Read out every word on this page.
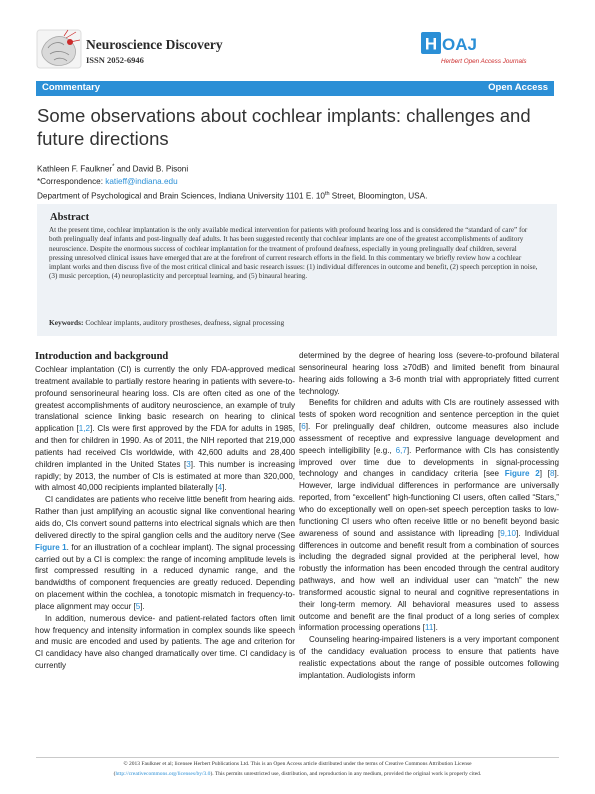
Neuroscience Discovery
ISSN 2052-6946
H OAJ
Herbert Open Access Journals
Commentary	Open Access
Some observations about cochlear implants: challenges and future directions
Kathleen F. Faulkner* and David B. Pisoni
*Correspondence: katieff@indiana.edu
Department of Psychological and Brain Sciences, Indiana University 1101 E. 10th Street, Bloomington, USA.
Abstract
At the present time, cochlear implantation is the only available medical intervention for patients with profound hearing loss and is considered the “standard of care” for both prelingually deaf infants and post-lingually deaf adults. It has been suggested recently that cochlear implants are one of the greatest accomplishments of auditory neuroscience. Despite the enormous success of cochlear implantation for the treatment of profound deafness, especially in young prelingually deaf children, several pressing unresolved clinical issues have emerged that are at the forefront of current research efforts in the field. In this commentary we briefly review how a cochlear implant works and then discuss five of the most critical clinical and basic research issues: (1) individual differences in outcome and benefit, (2) speech perception in noise, (3) music perception, (4) neuroplasticity and perceptual learning, and (5) binaural hearing.
Keywords: Cochlear implants, auditory prostheses, deafness, signal processing
Introduction and background

Cochlear implantation (CI) is currently the only FDA-approved medical treatment available to partially restore hearing in patients with severe-to-profound sensorineural hearing loss. CIs are often cited as one of the greatest accomplishments of auditory neuroscience, an example of truly translational science linking basic research on hearing to clinical application [1,2]. CIs were first approved by the FDA for adults in 1985, and then for children in 1990. As of 2011, the NIH reported that 219,000 patients had received CIs worldwide, with 42,600 adults and 28,400 children implanted in the United States [3]. This number is increasing rapidly; by 2013, the number of CIs is estimated at more than 320,000, with almost 40,000 recipients implanted bilaterally [4].

CI candidates are patients who receive little benefit from hearing aids. Rather than just amplifying an acoustic signal like conventional hearing aids do, CIs convert sound patterns into electrical signals which are then delivered directly to the spiral ganglion cells and the auditory nerve (See Figure 1. for an illustration of a cochlear implant). The signal processing carried out by a CI is complex: the range of incoming amplitude levels is first compressed resulting in a reduced dynamic range, and the bandwidths of component frequencies are greatly reduced. Depending on placement within the cochlea, a tonotopic mismatch in frequency-to-place alignment may occur [5].

In addition, numerous device- and patient-related factors often limit how frequency and intensity information in complex sounds like speech and music are encoded and used by patients. The age and criterion for CI candidacy have also changed dramatically over time. CI candidacy is currently

determined by the degree of hearing loss (severe-to-profound bilateral sensorineural hearing loss ≥70dB) and limited benefit from binaural hearing aids following a 3-6 month trial with appropriately fitted current technology.

Benefits for children and adults with CIs are routinely assessed with tests of spoken word recognition and sentence perception in the quiet [6]. For prelingually deaf children, outcome measures also include assessment of receptive and expressive language development and speech intelligibility [e.g., 6,7]. Performance with CIs has consistently improved over time due to developments in signal-processing technology and changes in candidacy criteria [see Figure 2] [8]. However, large individual differences in performance are universally reported, from “excellent” high-functioning CI users, often called “Stars,” who do exceptionally well on open-set speech perception tasks to low-functioning CI users who often receive little or no benefit beyond basic awareness of sound and assistance with lipreading [9,10]. Individual differences in outcome and benefit result from a combination of sources including the degraded signal provided at the peripheral level, how robustly the information has been encoded through the central auditory pathways, and how well an individual user can “match” the new transformed acoustic signal to neural and cognitive representations in their long-term memory. All behavioral measures used to assess outcome and benefit are the final product of a long series of complex information processing operations [11].

Counseling hearing-impaired listeners is a very important component of the candidacy evaluation process to ensure that patients have realistic expectations about the range of possible outcomes following implantation. Audiologists inform

© 2013 Faulkner et al; licensee Herbert Publications Ltd. This is an Open Access article distributed under the terms of Creative Commons Attribution License
(http://creativecommons.org/licenses/by/3.0). This permits unrestricted use, distribution, and reproduction in any medium, provided the original work is properly cited.
